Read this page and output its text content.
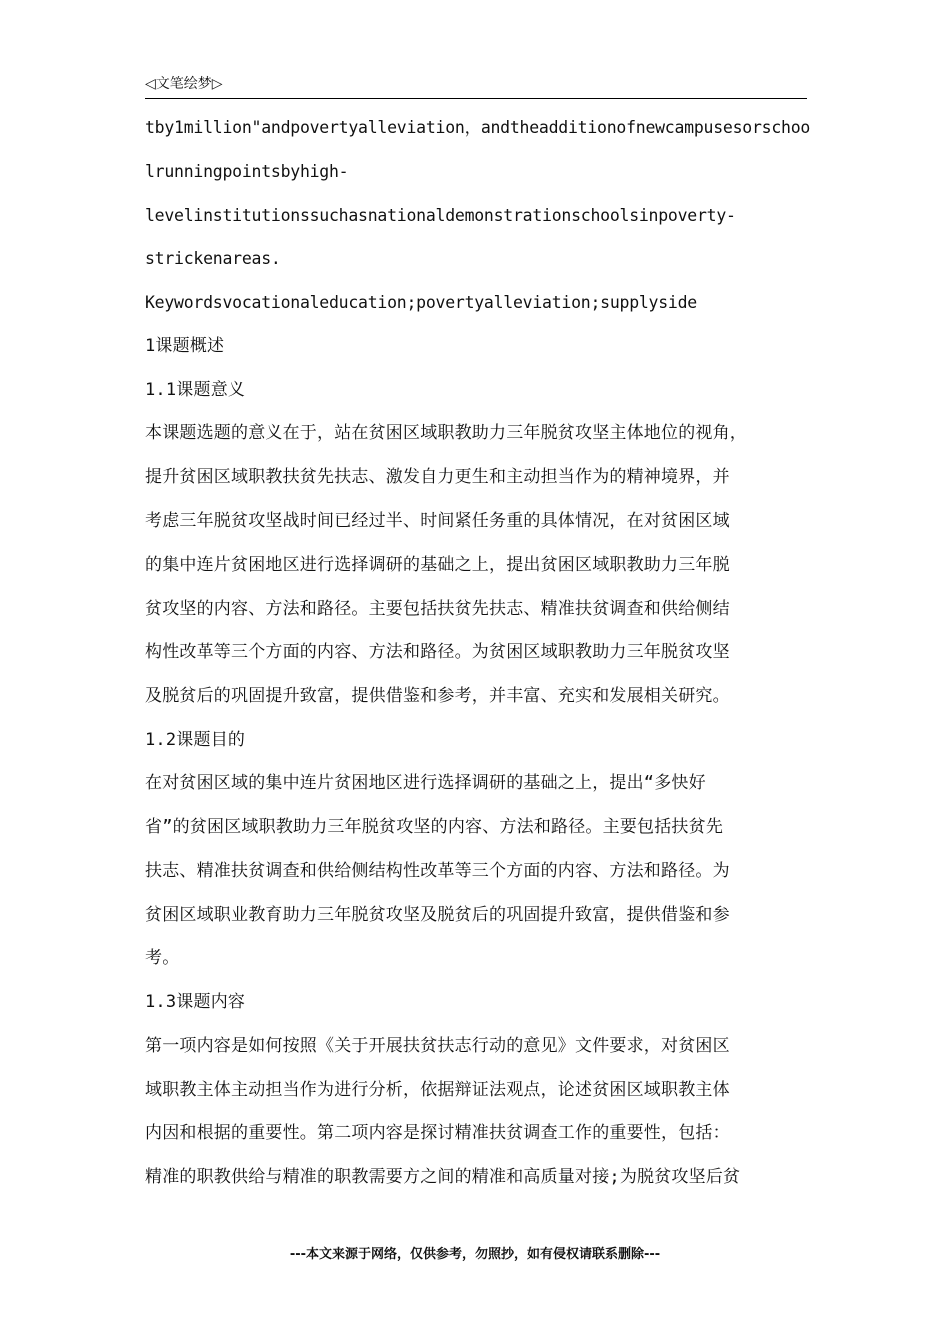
◁文笔绘梦▷
tby1million"andpovertyalleviation，andtheadditionofnewcampusesorschoo
lrunningpointsbyhigh-
levelinstitutionssuchasnationaldemonstrationschoolsinpoverty-
strickenareas.
Keywordsvocationaleducation;povertyalleviation;supplyside
1课题概述
1.1课题意义
本课题选题的意义在于，站在贫困区域职教助力三年脱贫攻坚主体地位的视角，
提升贫困区域职教扶贫先扶志、激发自力更生和主动担当作为的精神境界，并
考虑三年脱贫攻坚战时间已经过半、时间紧任务重的具体情况，在对贫困区域
的集中连片贫困地区进行选择调研的基础之上，提出贫困区域职教助力三年脱
贫攻坚的内容、方法和路径。主要包括扶贫先扶志、精准扶贫调查和供给侧结
构性改革等三个方面的内容、方法和路径。为贫困区域职教助力三年脱贫攻坚
及脱贫后的巩固提升致富，提供借鉴和参考，并丰富、充实和发展相关研究。
1.2课题目的
在对贫困区域的集中连片贫困地区进行选择调研的基础之上，提出“多快好
省”的贫困区域职教助力三年脱贫攻坚的内容、方法和路径。主要包括扶贫先
扶志、精准扶贫调查和供给侧结构性改革等三个方面的内容、方法和路径。为
贫困区域职业教育助力三年脱贫攻坚及脱贫后的巩固提升致富，提供借鉴和参
考。
1.3课题内容
第一项内容是如何按照《关于开展扶贫扶志行动的意见》文件要求，对贫困区
域职教主体主动担当作为进行分析，依据辩证法观点，论述贫困区域职教主体
内因和根据的重要性。第二项内容是探讨精准扶贫调查工作的重要性，包括：
精准的职教供给与精准的职教需要方之间的精准和高质量对接;为脱贫攻坚后贫
---本文来源于网络，仅供参考，勿照抄，如有侵权请联系删除---
